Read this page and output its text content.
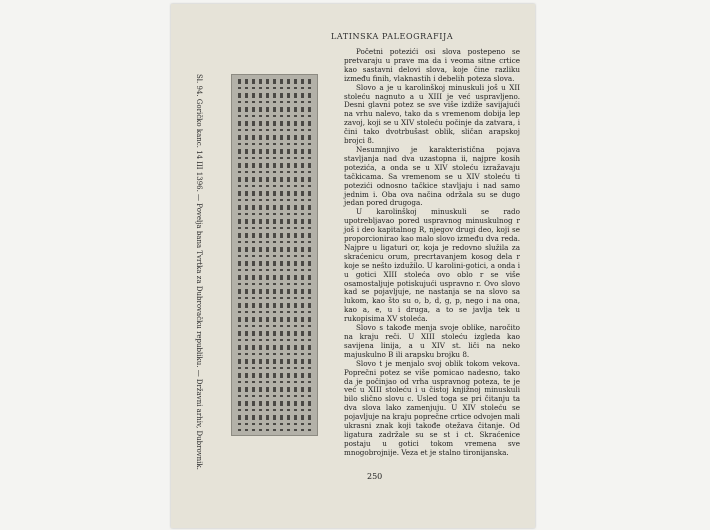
LATINSKA PALEOGRAFIJA
Sl. 94. Goričko kanc. 14 III 1396. — Povelja bana Tvrtka za Dubrovačku republiku. — Državni arhiv, Dubrovnik.

Početni potezići osi slova postepeno se pretvaraju u prave ma da i veoma sitne crtice kao sastavni delovi slova, koje čine razliku između finih, vlaknastih i debelih poteza slova.

Slovo a je u karolinškoj minuskuli još u XII stoleću nagnuto a u XIII je već uspravljeno. Desni glavni potez se sve više izdiže savijajući na vrhu nalevo, tako da s vremenom dobija lep zavoj, koji se u XIV stoleću počinje da zatvara, i čini tako dvotrbušast oblik, sličan arapskoj brojci 8.

Nesumnjivo je karakteristična pojava stavljanja nad dva uzastopna ii, najpre kosih potezića, a onda se u XIV stoleću izražavaju tačkicama. Sa vremenom se u XIV stoleću ti potezići odnosno tačkice stavljaju i nad samo jednim i. Oba ova načina održala su se dugo jedan pored drugoga.

U karolinškoj minuskuli se rado upotrebljavao pored uspravnog minuskulnog r još i deo kapitalnog R, njegov drugi deo, koji se proporcionirao kao malo slovo između dva reda. Najpre u ligaturi or, koja je redovno služila za skraćenicu orum, precrtavanjem kosog dela r koje se nešto izdužilo. U karolini-gotici, a onda i u gotici XIII stoleća ovo oblo r se više osamostaljuje potiskujući uspravno r. Ovo slovo kad se pojavljuje, ne nastanja se na slovo sa lukom, kao što su o, b, d, g, p, nego i na ona, kao a, e, u i druga, a to se javlja tek u rukopisima XV stoleća.

Slovo s takođe menja svoje oblike, naročito na kraju reči. U XIII stoleću izgleda kao savijena linija, a u XIV st. liči na neko majuskulno B ili arapsku brojku 8.

Slovo t je menjalo svoj oblik tokom vekova. Poprečni potez se više pomicao nadesno, tako da je počinjao od vrha uspravnog poteza, te je već u XIII stoleću i u čistoj knjižnoj minuskuli bilo slično slovu c. Usled toga se pri čitanju ta dva slova lako zamenjuju. U XIV stoleću se pojavljuje na kraju poprečne crtice odvojen mali ukrasni znak koji takođe otežava čitanje. Od ligatura zadržale su se st i ct. Skraćenice postaju u gotici tokom vremena sve mnogobrojnije. Veza et je stalno tironijanska.

250
